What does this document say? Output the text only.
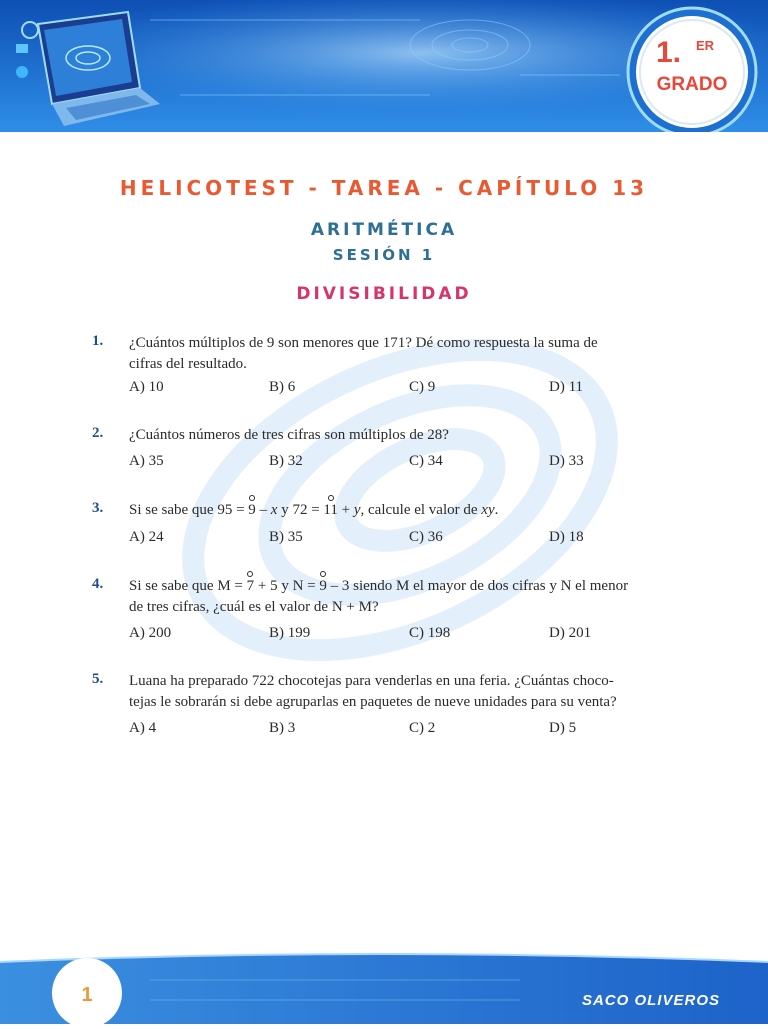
1. ER
GRADO
HELICOTEST - TAREA - CAPÍTULO 13
ARITMÉTICA
SESIÓN 1
DIVISIBILIDAD
1. ¿Cuántos múltiplos de 9 son menores que 171? Dé como respuesta la suma de
cifras del resultado.
A) 10	B) 6	C) 9	D) 11
2. ¿Cuántos números de tres cifras son múltiplos de 28?
A) 35	B) 32	C) 34	D) 33
3. Si se sabe que 95 = 9 – x y 72 = 11 + y, calcule el valor de xy.
A) 24	B) 35	C) 36	D) 18
4. Si se sabe que M = 7 + 5 y N = 9 – 3 siendo M el mayor de dos cifras y N el menor
de tres cifras, ¿cuál es el valor de N + M?
A) 200	B) 199	C) 198	D) 201
5. Luana ha preparado 722 chocotejas para venderlas en una feria. ¿Cuántas choco-
tejas le sobrarán si debe agruparlas en paquetes de nueve unidades para su venta?
A) 4	B) 3	C) 2	D) 5
1	SACO OLIVEROS
